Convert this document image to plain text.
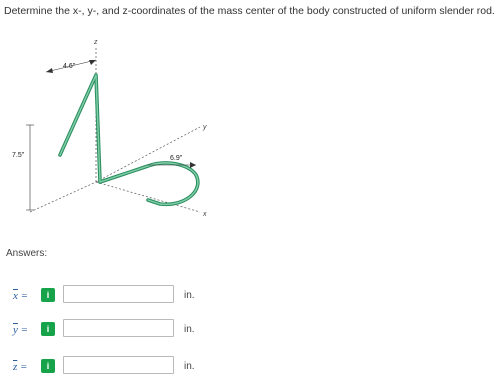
Determine the x-, y-, and z-coordinates of the mass center of the body constructed of uniform slender rod.
4.6"
7.5"	6.9"
z
y
x
Answers:
$\overline{x}$ =	i	in.
$\overline{y}$ =	i	in.
$\overline{z}$ =	i	in.
